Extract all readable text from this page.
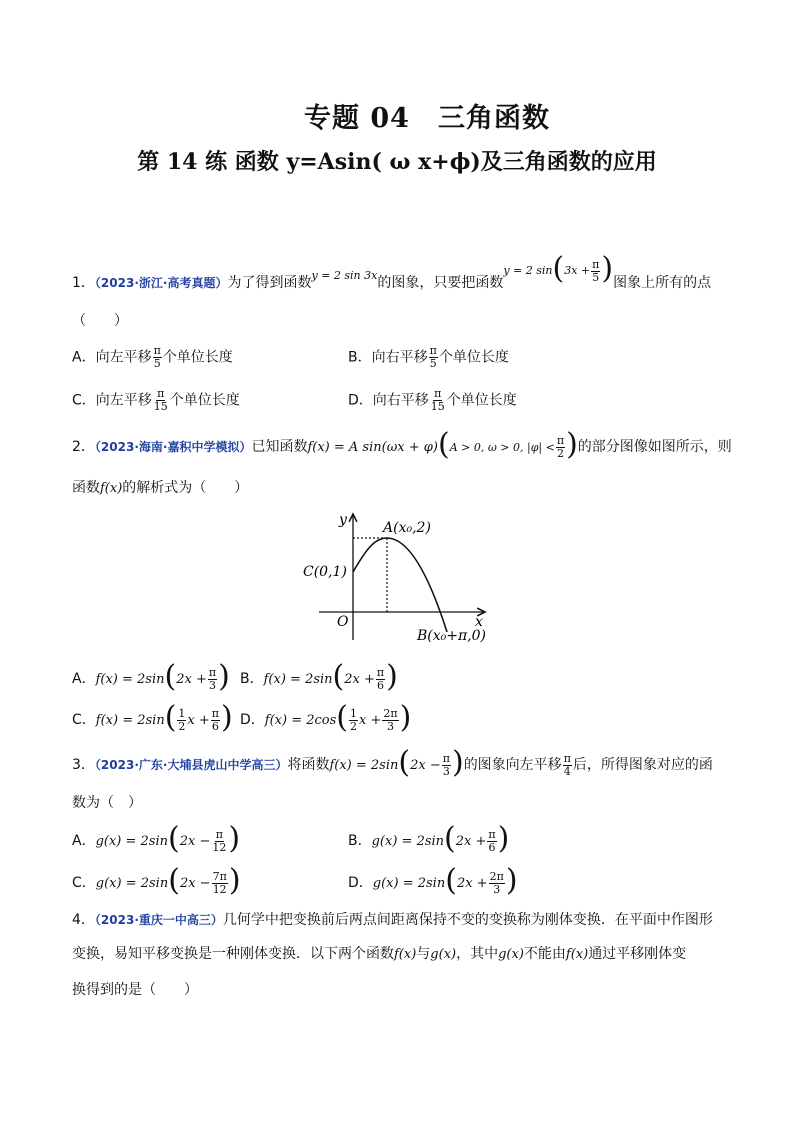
专题 04　三角函数
第 14 练 函数 y=Asin( ω x+ϕ)及三角函数的应用
1．（2023·浙江·高考真题）为了得到函数$^{y = 2 sin 3x}$的图象，只要把函数y = 2 $\sin(3x + \frac{\pi}{5}$ )图象上所有的点
（　　）
A．向左平移 $\frac{\pi}{5}$ 个单位长度	B．向右平移 $\frac{\pi}{5}$ 个单位长度
C．向左平移 $\frac{\pi}{15}$ 个单位长度	D．向右平移 $\frac{\pi}{15}$ 个单位长度
2．（2023·海南·嘉积中学模拟）已知函数f(x) = A sin(ωx + φ)(A > 0, ω > 0, $|\varphi| < \frac{\pi}{2}$ )的部分图像如图所示，则
函数f(x)的解析式为（　　）
y
x
O
A(x₀,2)
C(0,1)
B(x₀+π,0)
A．$f(x) = 2\sin(2x + \frac{\pi}{3}$ ) B．$f(x) = 2\sin(2x + \frac{\pi}{6}$ )
C．$f(x) = 2\sin( \frac{1}{2}$ $x + \frac{\pi}{6}$ ) D．$f(x) = 2\cos( \frac{1}{2}$ $x + \frac{2\pi}{3}$ )
3．（2023·广东·大埔县虎山中学高三）将函数$f(x) = 2\sin(2x - \frac{\pi}{3}$ )的图象向左平移 $\frac{\pi}{4}$ 后，所得图象对应的函
数为（　）
A．$g(x) = 2\sin(2x - \frac{\pi}{12}$ )	B．$g(x) = 2\sin(2x + \frac{\pi}{6}$ )
C．$g(x) = 2\sin(2x - \frac{7\pi}{12}$ )	D．$g(x) = 2\sin(2x + \frac{2\pi}{3}$ )
4．（2023·重庆一中高三）几何学中把变换前后两点间距离保持不变的变换称为刚体变换．在平面中作图形
变换，易知平移变换是一种刚体变换．以下两个函数f(x)与g(x)，其中g(x)不能由f(x)通过平移刚体变
换得到的是（　　）
